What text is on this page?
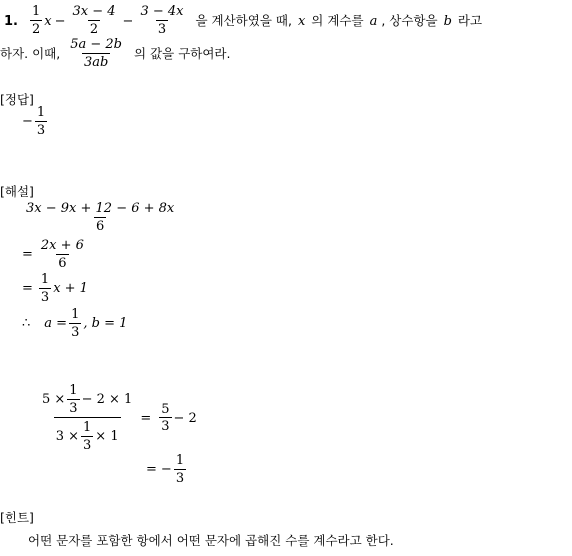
1. $\frac{1}{2}$ $x - \frac{3x - 4}{2} - \frac{3 - 4x}{3}$ 을 계산하였을 때, x 의 계수를 a , 상수항을 b 라고
하자. 이때, $\frac{5a - 2b}{3ab}$ 의 값을 구하여라.
[정답]
− $\frac{1}{3}$
[해설]
$\frac{3x - 9x + 12 - 6 + 8x}{6}$
= $\frac{2x + 6}{6}$
= $\frac{1}{3}$ x + 1
∴ $a = \frac{1}{3}$ , b = 1
$\frac{5 \times \frac{1}{3} - 2 \times 1}{3 \times \frac{1}{3} \times 1} = \frac{5}{3} - 2$
= − $\frac{1}{3}$
[힌트]
어떤 문자를 포함한 항에서 어떤 문자에 곱해진 수를 계수라고 한다.
